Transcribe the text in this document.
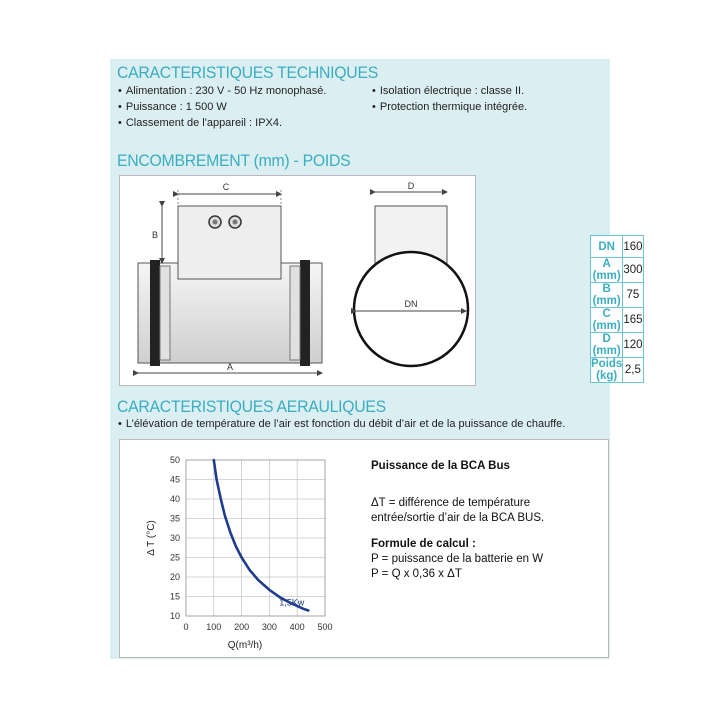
CARACTERISTIQUES TECHNIQUES
• Alimentation : 230 V - 50 Hz monophasé.
• Puissance : 1 500 W
• Classement de l'appareil : IPX4.
• Isolation électrique : classe II.
• Protection thermique intégrée.
ENCOMBREMENT (mm) - POIDS
C
B
A
D
DN
DN	160
A (mm)	300
B (mm)	75
C (mm)	165
D (mm)	120
Poids (kg)	2,5
CARACTERISTIQUES AERAULIQUES
• L’élévation de température de l’air est fonction du débit d’air et de la puissance de chauffe.
0 100 200 300 400 500
10
15
20
25
30
35
40
45
50
1,5Kw
Δ T (°C)
Q(m³/h)
Puissance de la BCA Bus
ΔT = différence de température
entrée/sortie d’air de la BCA BUS.
Formule de calcul :
P = puissance de la batterie en W
P = Q x 0,36 x ΔT
